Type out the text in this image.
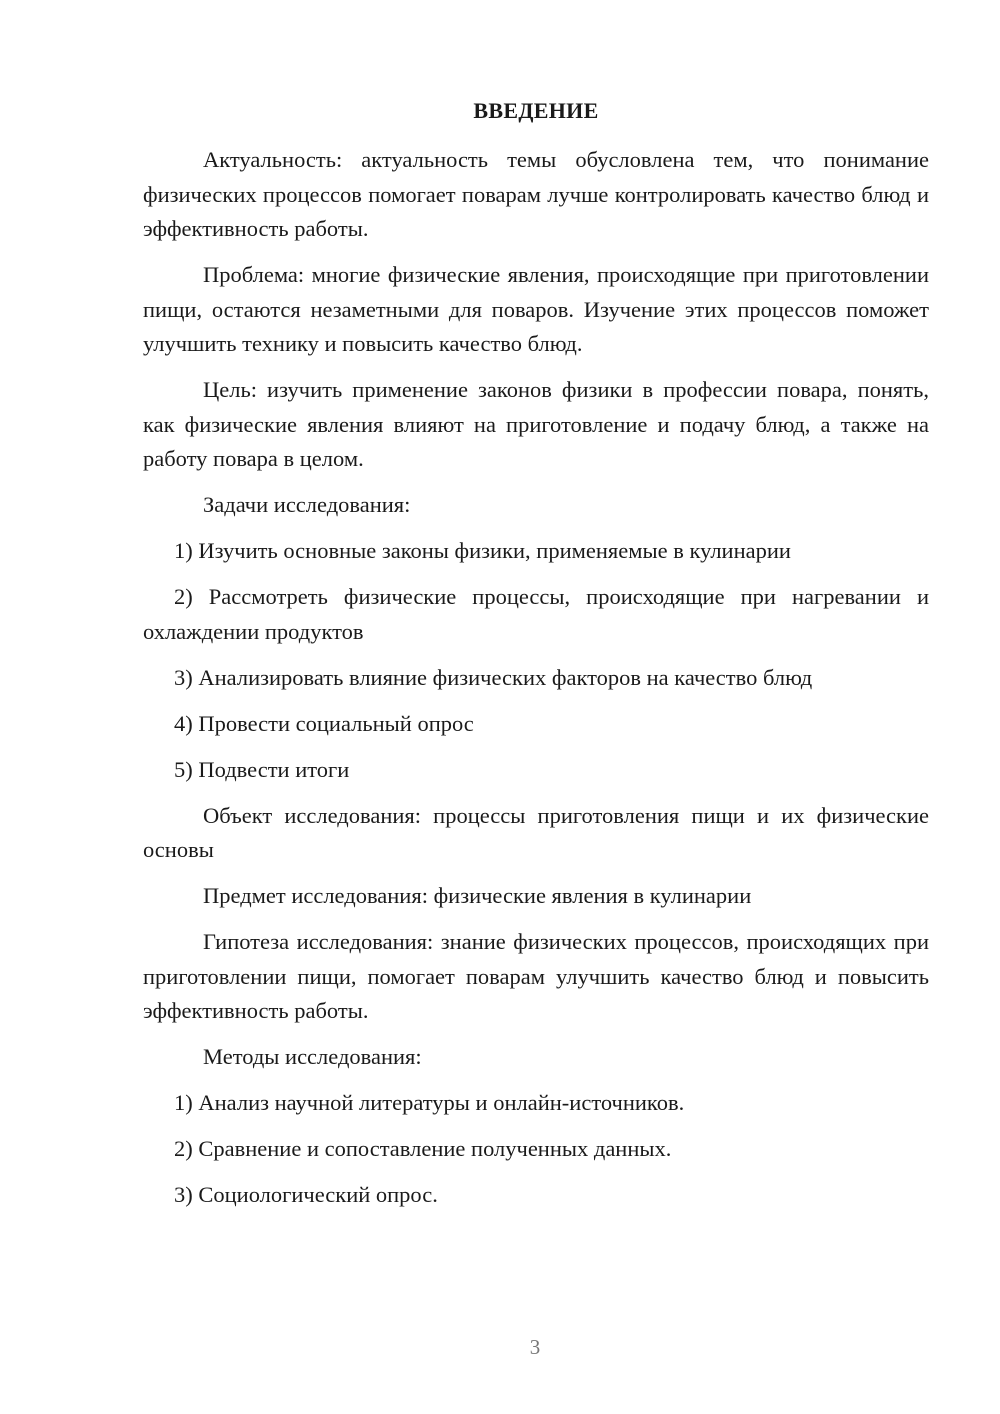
ВВЕДЕНИЕ

Актуальность: актуальность темы обусловлена тем, что понимание физических процессов помогает поварам лучше контролировать качество блюд и эффективность работы.

Проблема: многие физические явления, происходящие при приготовлении пищи, остаются незаметными для поваров. Изучение этих процессов поможет улучшить технику и повысить качество блюд.

Цель: изучить применение законов физики в профессии повара, понять, как физические явления влияют на приготовление и подачу блюд, а также на работу повара в целом.

Задачи исследования:

1) Изучить основные законы физики, применяемые в кулинарии

2) Рассмотреть физические процессы, происходящие при нагревании и охлаждении продуктов

3) Анализировать влияние физических факторов на качество блюд

4) Провести социальный опрос

5) Подвести итоги

Объект исследования: процессы приготовления пищи и их физические основы

Предмет исследования: физические явления в кулинарии

Гипотеза исследования: знание физических процессов, происходящих при приготовлении пищи, помогает поварам улучшить качество блюд и повысить эффективность работы.

Методы исследования:

1) Анализ научной литературы и онлайн-источников.

2) Сравнение и сопоставление полученных данных.

3) Социологический опрос.

3
